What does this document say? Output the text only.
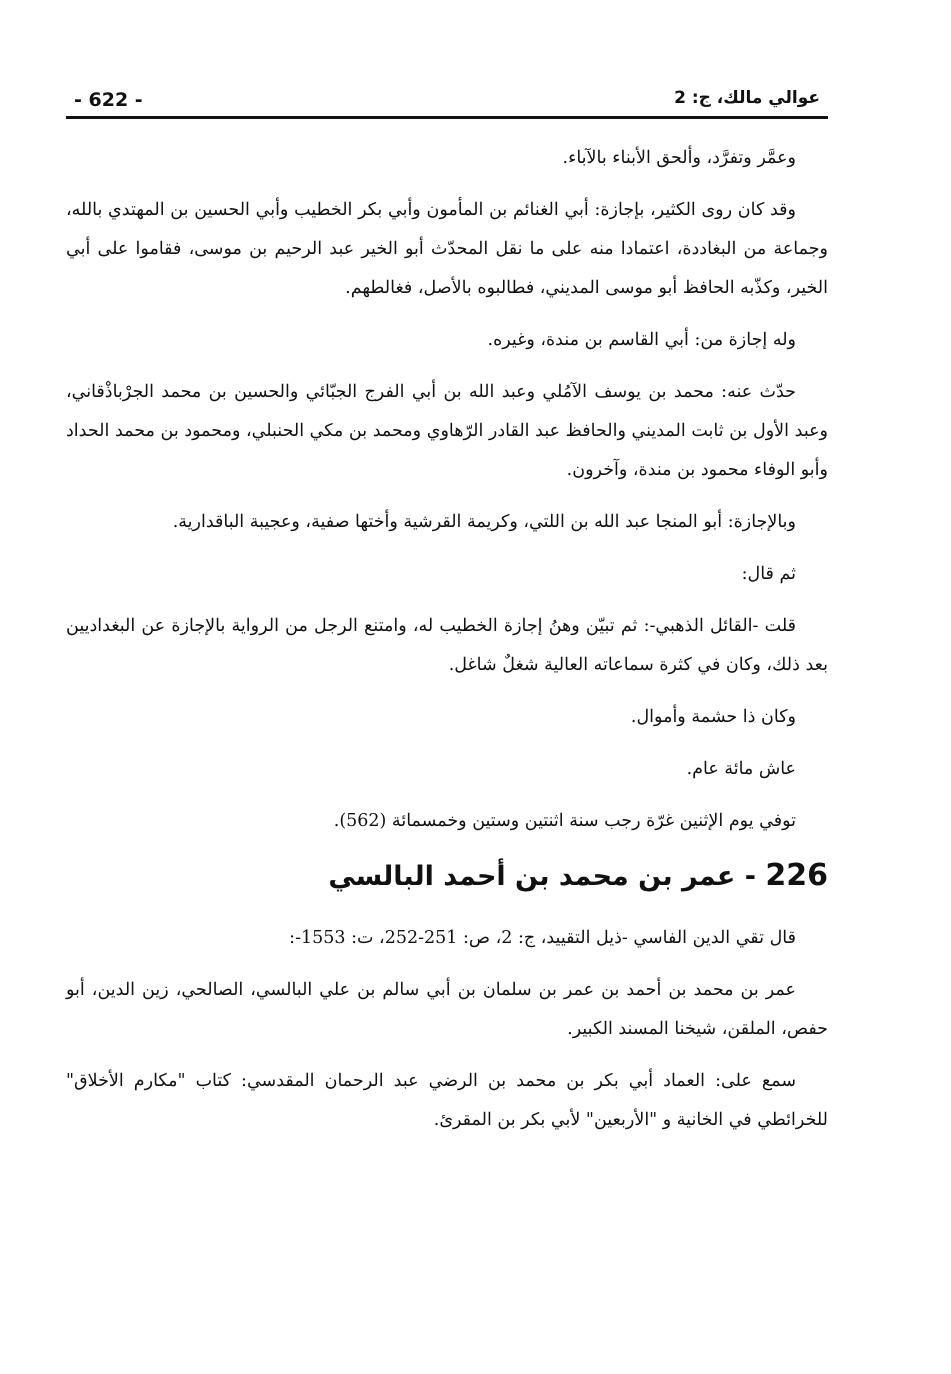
عوالي مالك، ج: 2
- 622 -

وعمَّر وتفرَّد، وألحق الأبناء بالآباء.

وقد كان روى الكثير، بإجازة: أبي الغنائم بن المأمون وأبي بكر الخطيب وأبي الحسين بن المهتدي بالله، وجماعة من البغاددة، اعتمادا منه على ما نقل المحدّث أبو الخير عبد الرحيم بن موسى، فقاموا على أبي الخير، وكذّبه الحافظ أبو موسى المديني، فطالبوه بالأصل، فغالطهم.

وله إجازة من: أبي القاسم بن مندة، وغيره.

حدّث عنه: محمد بن يوسف الآمُلي وعبد الله بن أبي الفرج الجبّائي والحسين بن محمد الجرْباذْقاني، وعبد الأول بن ثابت المديني والحافظ عبد القادر الرّهاوي ومحمد بن مكي الحنبلي، ومحمود بن محمد الحداد وأبو الوفاء محمود بن مندة، وآخرون.

وبالإجازة: أبو المنجا عبد الله بن اللتي، وكريمة القرشية وأختها صفية، وعجيبة الباقدارية.

ثم قال:

قلت -القائل الذهبي-: ثم تبيّن وهنُ إجازة الخطيب له، وامتنع الرجل من الرواية بالإجازة عن البغداديين بعد ذلك، وكان في كثرة سماعاته العالية شغلٌ شاغل.

وكان ذا حشمة وأموال.

عاش مائة عام.

توفي يوم الإثنين غرّة رجب سنة اثنتين وستين وخمسمائة (562).

226 - عمر بن محمد بن أحمد البالسي

قال تقي الدين الفاسي -ذيل التقييد، ج: 2، ص: 251-252، ت: 1553-:

عمر بن محمد بن أحمد بن عمر بن سلمان بن أبي سالم بن علي البالسي، الصالحي، زين الدين، أبو حفص، الملقن، شيخنا المسند الكبير.

سمع على: العماد أبي بكر بن محمد بن الرضي عبد الرحمان المقدسي: كتاب "مكارم الأخلاق" للخرائطي في الخانية و "الأربعين" لأبي بكر بن المقرئ.
